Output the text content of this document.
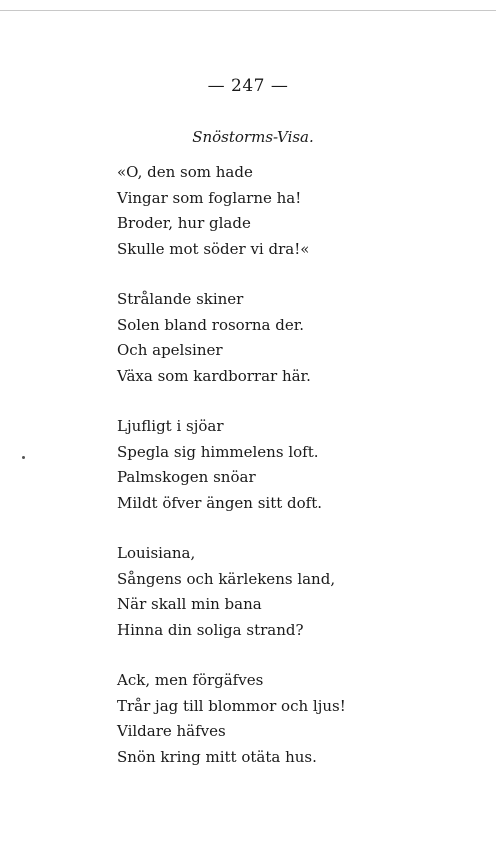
— 247 —
Snöstorms-Visa.
«O, den som hade
Vingar som foglarne ha!
Broder, hur glade
Skulle mot söder vi dra!«
Strålande skiner
Solen bland rosorna der.
Och apelsiner
Växa som kardborrar här.
Ljufligt i sjöar
Spegla sig himmelens loft.
Palmskogen snöar
Mildt öfver ängen sitt doft.
Louisiana,
Sångens och kärlekens land,
När skall min bana
Hinna din soliga strand?
Ack, men förgäfves
Trår jag till blommor och ljus!
Vildare häfves
Snön kring mitt otäta hus.
